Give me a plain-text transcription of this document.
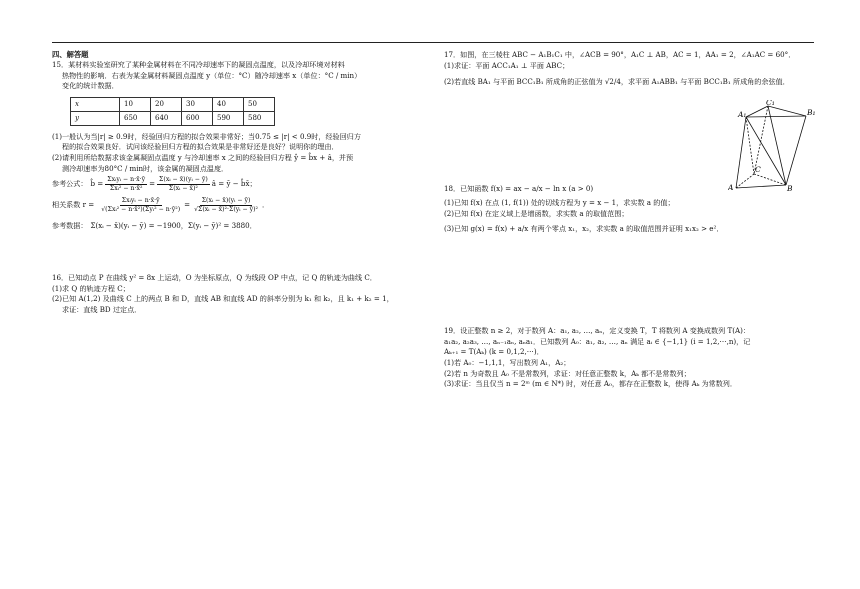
四、解答题
15．某材料实验室研究了某种金属材料在不同冷却速率下的凝固点温度，以及冷却环境对材料
热物性的影响．右表为某金属材料凝固点温度 y（单位：°C）随冷却速率 x（单位：°C / min）
变化的统计数据．
x	10	20	30	40	50
y	650	640	600	590	580
(1)一般认为当|r| ≥ 0.9时，经验回归方程的拟合效果非常好；当0.75 ≤ |r| < 0.9时，经验回归方
程的拟合效果良好．试问该经验回归方程的拟合效果是非常好还是良好？说明你的理由．
(2)请利用所给数据求该金属凝固点温度 y 与冷却速率 x 之间的经验回归方程 ŷ = b̂x + â，并预
测冷却速率为80°C / min时，该金属的凝固点温度．
参考公式： b̂ = $\frac{\text{Σxᵢyᵢ − n·x̄·ȳ}}{\text{Σxᵢ² − n·x̄²}} = \frac{\text{Σ(xᵢ − x̄)(yᵢ − ȳ)}}{\text{Σ(xᵢ − x̄)²}}$ â = ȳ − b̂x̄；
相关系数 $r = \frac{\text{Σxᵢyᵢ − n·x̄·ȳ}}{\text{√(Σxᵢ² − n·x̄²)(Σyᵢ² − n·ȳ²)}} = \frac{\text{Σ(xᵢ − x̄)(yᵢ − ȳ)}}{\text{√Σ(xᵢ − x̄)²·Σ(yᵢ − ȳ)²}}$ ．
参考数据： Σ(xᵢ − x̄)(yᵢ − ȳ) = −1900，Σ(yᵢ − ȳ)² = 3880．
16．已知动点 P 在曲线 y² = 8x 上运动，O 为坐标原点，Q 为线段 OP 中点，记 Q 的轨迹为曲线 C．
(1)求 Q 的轨迹方程 C；
(2)已知 A(1,2) 及曲线 C 上的两点 B 和 D，直线 AB 和直线 AD 的斜率分别为 k₁ 和 k₂，且 k₁ + k₂ = 1，
求证：直线 BD 过定点．
17．如图，在三棱柱 ABC − A₁B₁C₁ 中，∠ACB = 90°，A₁C ⊥ AB，AC = 1，AA₁ = 2，∠A₁AC = 60°．
(1)求证：平面 ACC₁A₁ ⊥ 平面 ABC；
(2)若直线 BA₁ 与平面 BCC₁B₁ 所成角的正弦值为 √2/4，求平面 A₁ABB₁ 与平面 BCC₁B₁ 所成角的余弦值．
18．已知函数 f(x) = ax − a/x − ln x (a > 0)
(1)已知 f(x) 在点 (1, f(1)) 处的切线方程为 y = x − 1，求实数 a 的值；
(2)已知 f(x) 在定义域上是增函数，求实数 a 的取值范围；
(3)已知 g(x) = f(x) + a/x 有两个零点 x₁，x₂，求实数 a 的取值范围并证明 x₁x₂ > e²．
19．设正整数 n ≥ 2，对于数列 A：a₁, a₂, …, aₙ，定义变换 T，T 将数列 A 变换成数列 T(A)：
a₁a₂, a₂a₃, …, aₙ₋₁aₙ, aₙa₁．已知数列 A₀：a₁, a₂, …, aₙ 满足 aᵢ ∈ {−1,1} (i = 1,2,⋯,n)，记
Aₖ₊₁ = T(Aₖ) (k = 0,1,2,⋯)．
(1)若 A₀：−1,1,1，写出数列 A₁，A₂；
(2)若 n 为奇数且 A₀ 不是常数列，求证：对任意正整数 k，Aₖ 都不是常数列；
(3)求证：当且仅当 n = 2ᵐ (m ∈ N*) 时，对任意 A₀，都存在正整数 k，使得 Aₖ 为常数列．
A	B
C
A₁	B₁
C₁
